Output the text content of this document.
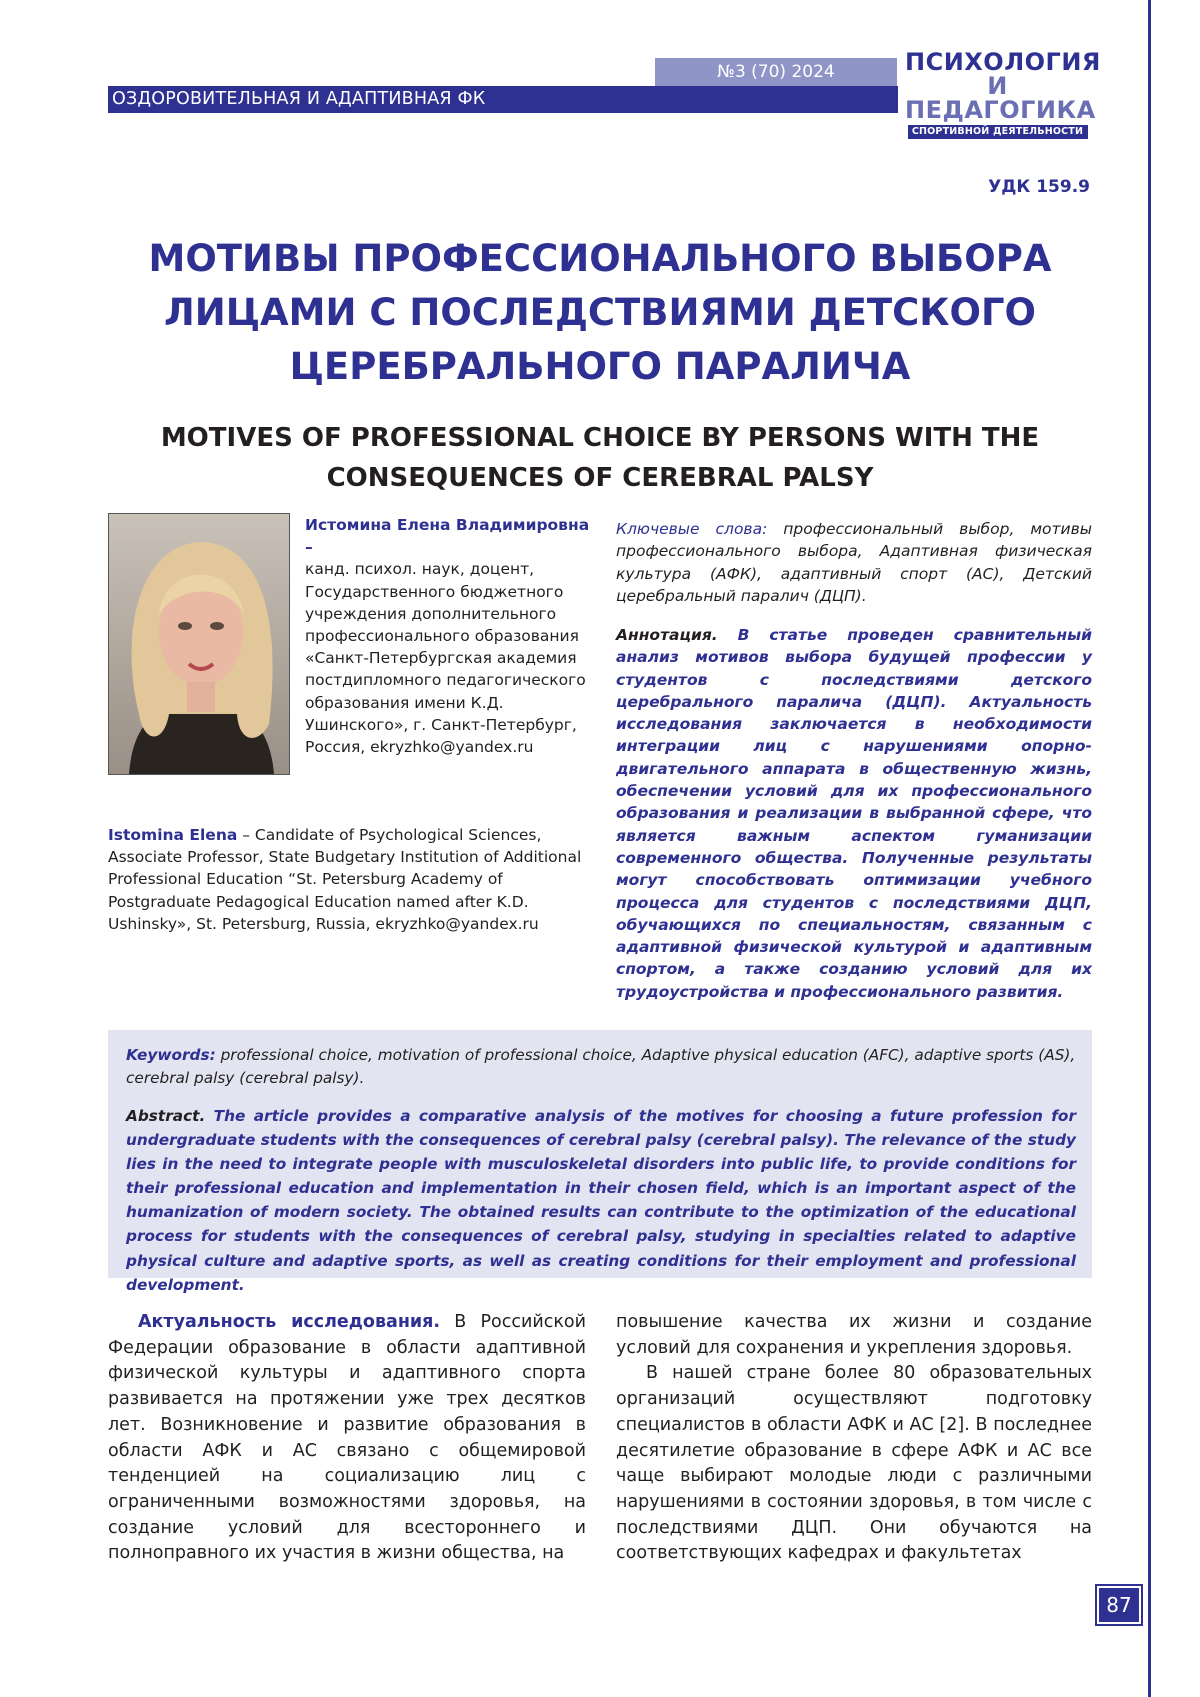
№3 (70) 2024
ОЗДОРОВИТЕЛЬНАЯ И АДАПТИВНАЯ ФК
ПСИХОЛОГИЯ
И ПЕДАГОГИКА
СПОРТИВНОЙ ДЕЯТЕЛЬНОСТИ
УДК 159.9
МОТИВЫ ПРОФЕССИОНАЛЬНОГО ВЫБОРА ЛИЦАМИ С ПОСЛЕДСТВИЯМИ ДЕТСКОГО ЦЕРЕБРАЛЬНОГО ПАРАЛИЧА
MOTIVES OF PROFESSIONAL CHOICE BY PERSONS WITH THE CONSEQUENCES OF CEREBRAL PALSY
Истомина Елена Владимировна –
канд. психол. наук, доцент, Государственного бюджетного учреждения дополнительного профессионального образования «Санкт-Петербургская академия постдипломного педагогического образования имени К.Д. Ушинского», г. Санкт-Петербург, Россия, ekryzhko@yandex.ru
Istomina Elena – Candidate of Psychological Sciences, Associate Professor, State Budgetary Institution of Additional Professional Education “St. Petersburg Academy of Postgraduate Pedagogical Education named after K.D. Ushinsky», St. Petersburg, Russia, ekryzhko@yandex.ru
Ключевые слова: профессиональный выбор, мотивы профессионального выбора, Адаптивная физическая культура (АФК), адаптивный спорт (АС), Детский церебральный паралич (ДЦП).
Аннотация. В статье проведен сравнительный анализ мотивов выбора будущей профессии у студентов с последствиями детского церебрального паралича (ДЦП). Актуальность исследования заключается в необходимости интеграции лиц с нарушениями опорно-двигательного аппарата в общественную жизнь, обеспечении условий для их профессионального образования и реализации в выбранной сфере, что является важным аспектом гуманизации современного общества. Полученные результаты могут способствовать оптимизации учебного процесса для студентов с последствиями ДЦП, обучающихся по специальностям, связанным с адаптивной физической культурой и адаптивным спортом, а также созданию условий для их трудоустройства и профессионального развития.
Keywords: professional choice, motivation of professional choice, Adaptive physical education (AFC), adaptive sports (AS), cerebral palsy (cerebral palsy).
Abstract. The article provides a comparative analysis of the motives for choosing a future profession for undergraduate students with the consequences of cerebral palsy (cerebral palsy). The relevance of the study lies in the need to integrate people with musculoskeletal disorders into public life, to provide conditions for their professional education and implementation in their chosen field, which is an important aspect of the humanization of modern society. The obtained results can contribute to the optimization of the educational process for students with the consequences of cerebral palsy, studying in specialties related to adaptive physical culture and adaptive sports, as well as creating conditions for their employment and professional development.
Актуальность исследования. В Российской Федерации образование в области адаптивной физической культуры и адаптивного спорта развивается на протяжении уже трех десятков лет. Возникновение и развитие образования в области АФК и АС связано с общемировой тенденцией на социализацию лиц с ограниченными возможностями здоровья, на создание условий для всестороннего и полноправного их участия в жизни общества, на

повышение качества их жизни и создание условий для сохранения и укрепления здоровья.

В нашей стране более 80 образовательных организаций осуществляют подготовку специалистов в области АФК и АС [2]. В последнее десятилетие образование в сфере АФК и АС все чаще выбирают молодые люди с различными нарушениями в состоянии здоровья, в том числе с последствиями ДЦП. Они обучаются на соответствующих кафедрах и факультетах

87
